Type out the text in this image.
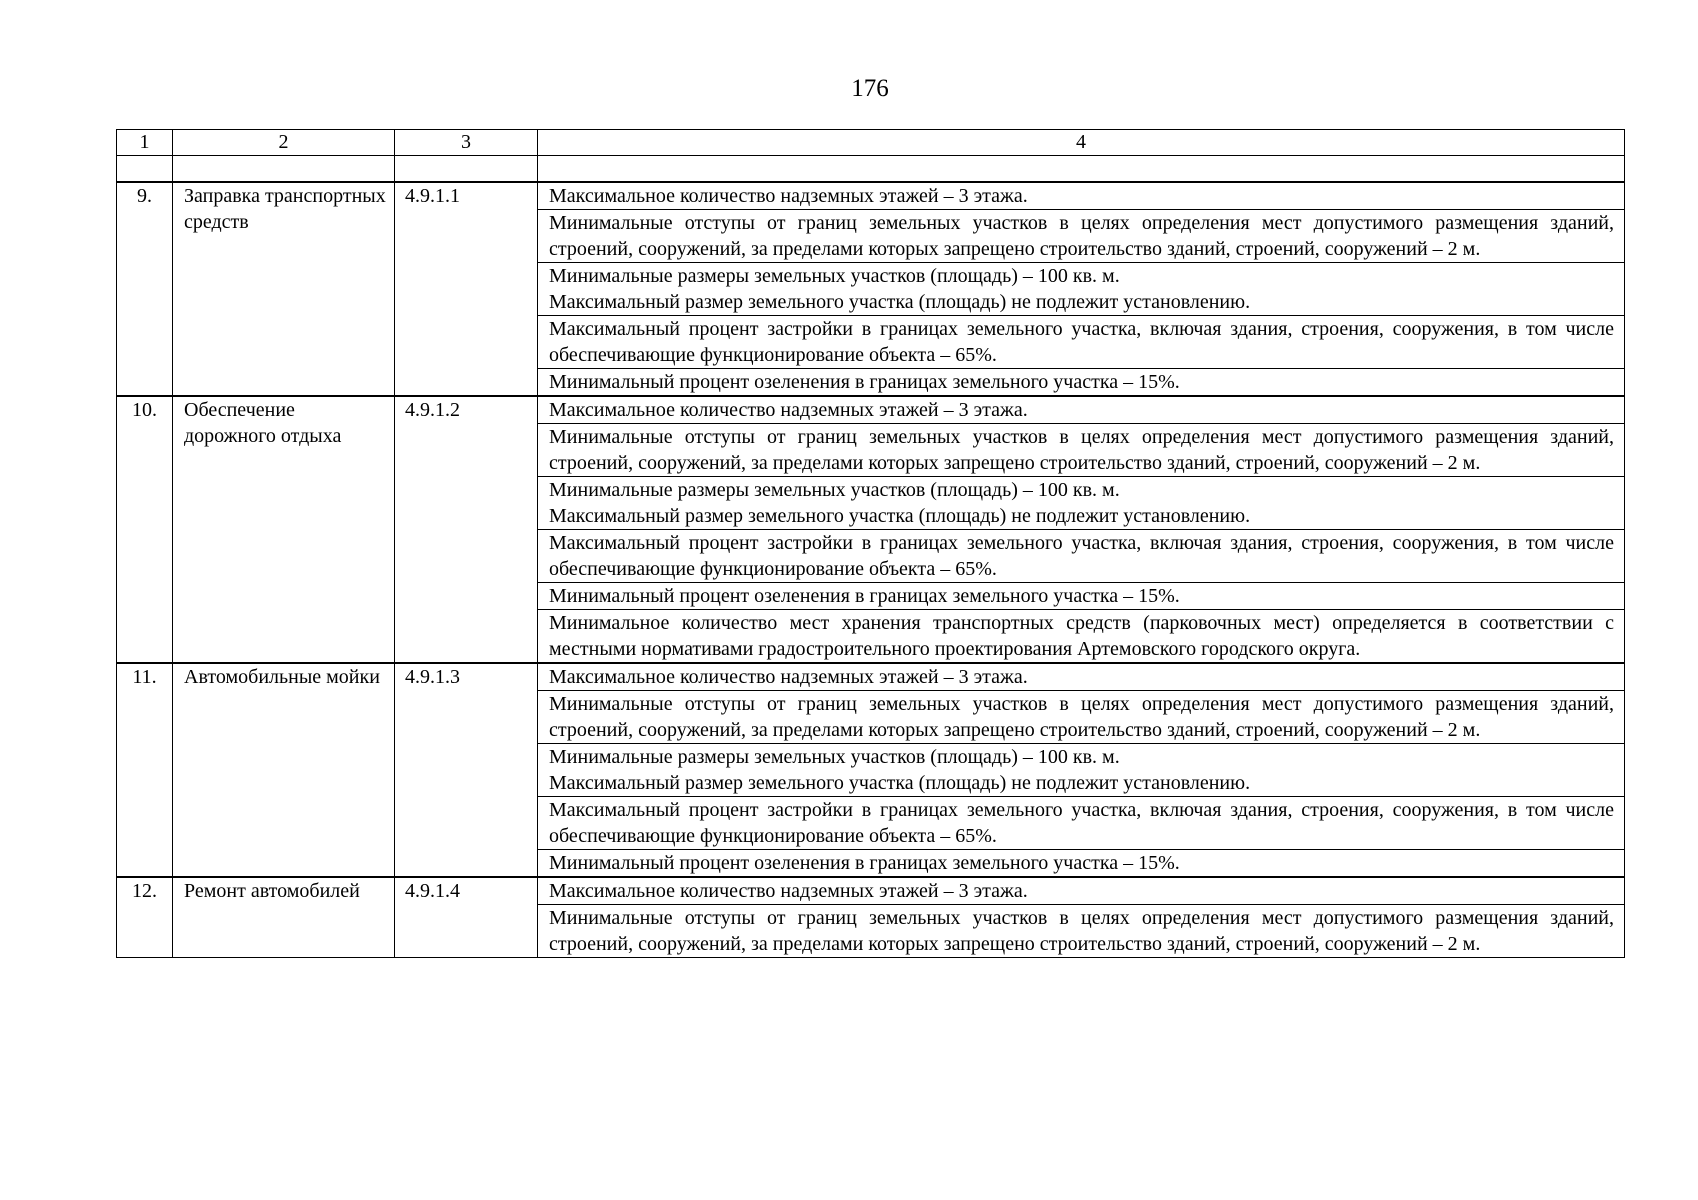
176
1	2	3	4

9.	Заправка транспортных средств	4.9.1.1	Максимальное количество надземных этажей – 3 этажа.
			Минимальные отступы от границ земельных участков в целях определения мест допустимого размещения зданий, строений, сооружений, за пределами которых запрещено строительство зданий, строений, сооружений – 2 м.
			Минимальные размеры земельных участков (площадь) – 100 кв. м.
Максимальный размер земельного участка (площадь) не подлежит установлению.
			Максимальный процент застройки в границах земельного участка, включая здания, строения, сооружения, в том числе обеспечивающие функционирование объекта – 65%.
			Минимальный процент озеленения в границах земельного участка – 15%.
10.	Обеспечение дорожного отдыха	4.9.1.2	Максимальное количество надземных этажей – 3 этажа.
			Минимальные отступы от границ земельных участков в целях определения мест допустимого размещения зданий, строений, сооружений, за пределами которых запрещено строительство зданий, строений, сооружений – 2 м.
			Минимальные размеры земельных участков (площадь) – 100 кв. м.
Максимальный размер земельного участка (площадь) не подлежит установлению.
			Максимальный процент застройки в границах земельного участка, включая здания, строения, сооружения, в том числе обеспечивающие функционирование объекта – 65%.
			Минимальный процент озеленения в границах земельного участка – 15%.
			Минимальное количество мест хранения транспортных средств (парковочных мест) определяется в соответствии с местными нормативами градостроительного проектирования Артемовского городского округа.
11.	Автомобильные мойки	4.9.1.3	Максимальное количество надземных этажей – 3 этажа.
			Минимальные отступы от границ земельных участков в целях определения мест допустимого размещения зданий, строений, сооружений, за пределами которых запрещено строительство зданий, строений, сооружений – 2 м.
			Минимальные размеры земельных участков (площадь) – 100 кв. м.
Максимальный размер земельного участка (площадь) не подлежит установлению.
			Максимальный процент застройки в границах земельного участка, включая здания, строения, сооружения, в том числе обеспечивающие функционирование объекта – 65%.
			Минимальный процент озеленения в границах земельного участка – 15%.
12.	Ремонт автомобилей	4.9.1.4	Максимальное количество надземных этажей – 3 этажа.
			Минимальные отступы от границ земельных участков в целях определения мест допустимого размещения зданий, строений, сооружений, за пределами которых запрещено строительство зданий, строений, сооружений – 2 м.
